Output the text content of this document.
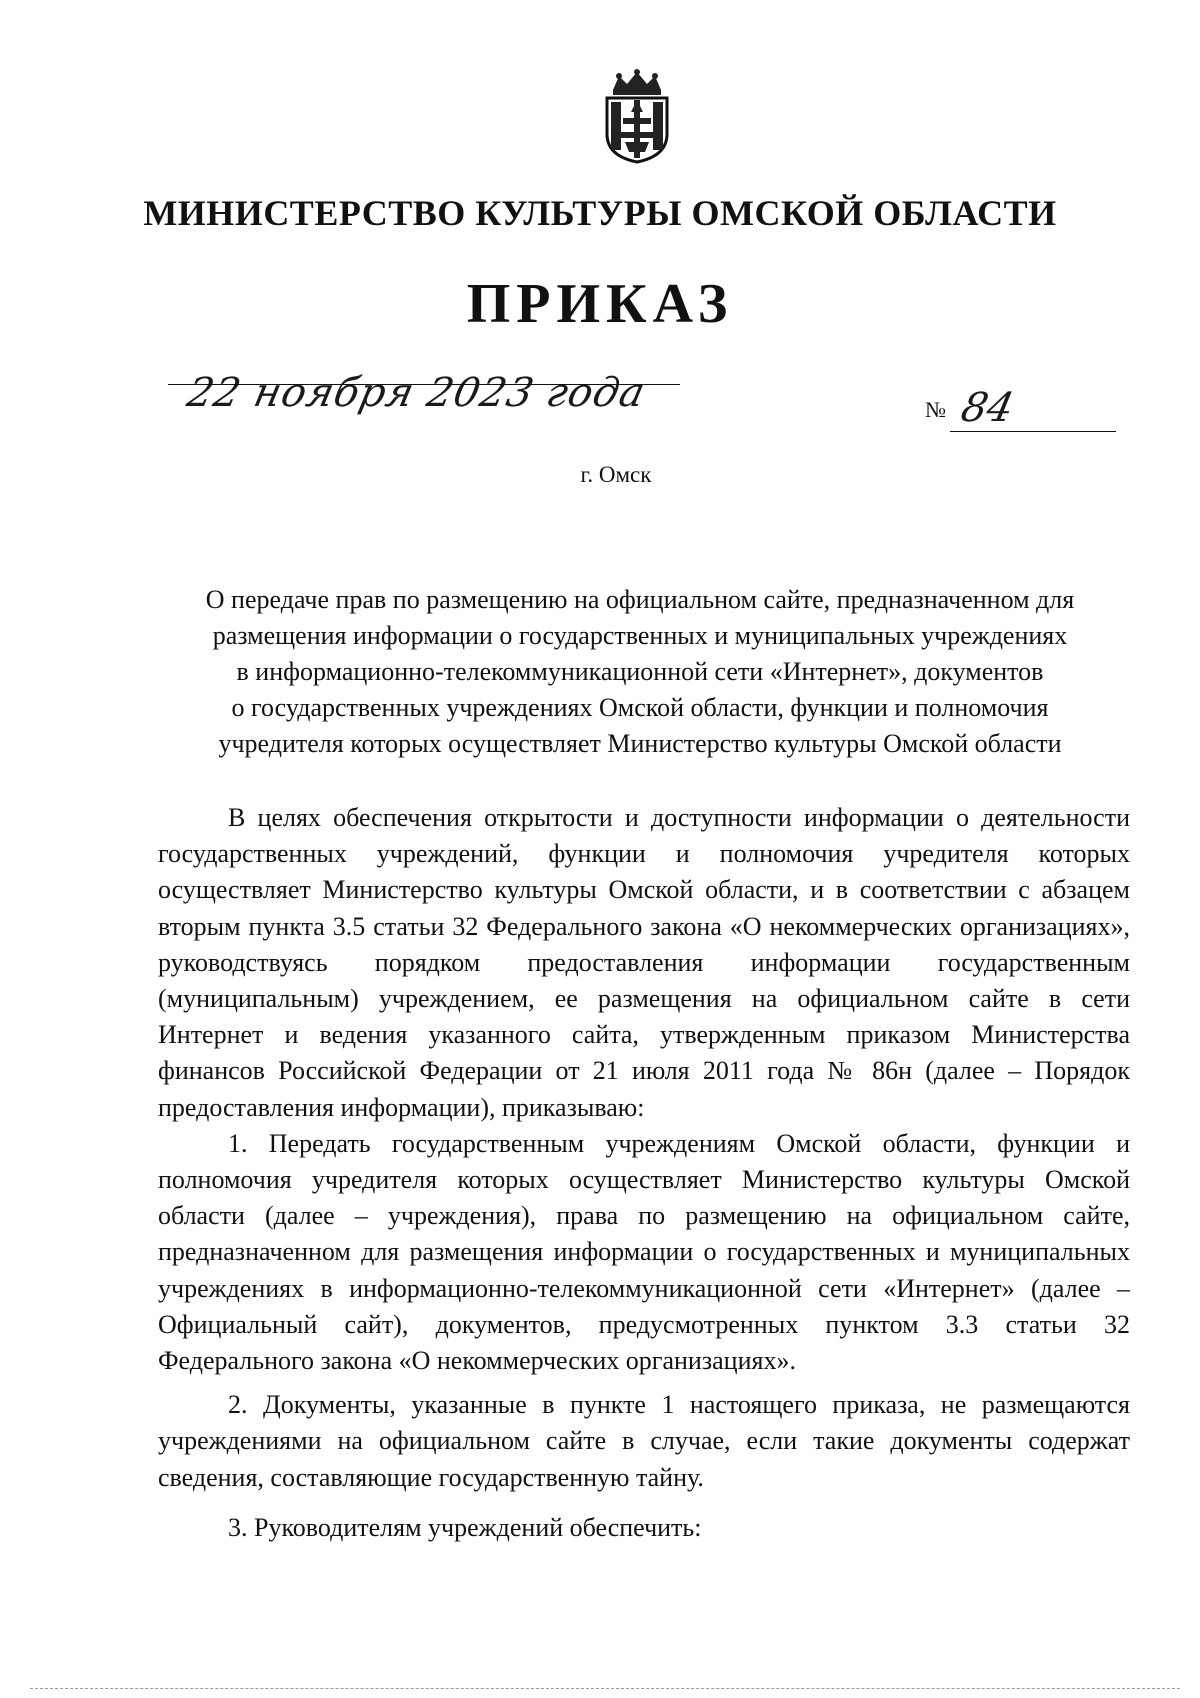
МИНИСТЕРСТВО КУЛЬТУРЫ ОМСКОЙ ОБЛАСТИ
ПРИКАЗ
22 ноября 2023 года	№ 84
г. Омск
О передаче прав по размещению на официальном сайте, предназначенном для
размещения информации о государственных и муниципальных учреждениях
в информационно-телекоммуникационной сети «Интернет», документов
о государственных учреждениях Омской области, функции и полномочия
учредителя которых осуществляет Министерство культуры Омской области

В целях обеспечения открытости и доступности информации о деятельности государственных учреждений, функции и полномочия учредителя которых осуществляет Министерство культуры Омской области, и в соответствии с абзацем вторым пункта 3.5 статьи 32 Федерального закона «О некоммерческих организациях», руководствуясь порядком предоставления информации государственным (муниципальным) учреждением, ее размещения на официальном сайте в сети Интернет и ведения указанного сайта, утвержденным приказом Министерства финансов Российской Федерации от 21 июля 2011 года № 86н (далее – Порядок предоставления информации), приказываю:

1. Передать государственным учреждениям Омской области, функции и полномочия учредителя которых осуществляет Министерство культуры Омской области (далее – учреждения), права по размещению на официальном сайте, предназначенном для размещения информации о государственных и муниципальных учреждениях в информационно-телекоммуникационной сети «Интернет» (далее – Официальный сайт), документов, предусмотренных пунктом 3.3 статьи 32 Федерального закона «О некоммерческих организациях».

2. Документы, указанные в пункте 1 настоящего приказа, не размещаются учреждениями на официальном сайте в случае, если такие документы содержат сведения, составляющие государственную тайну.

3. Руководителям учреждений обеспечить:
